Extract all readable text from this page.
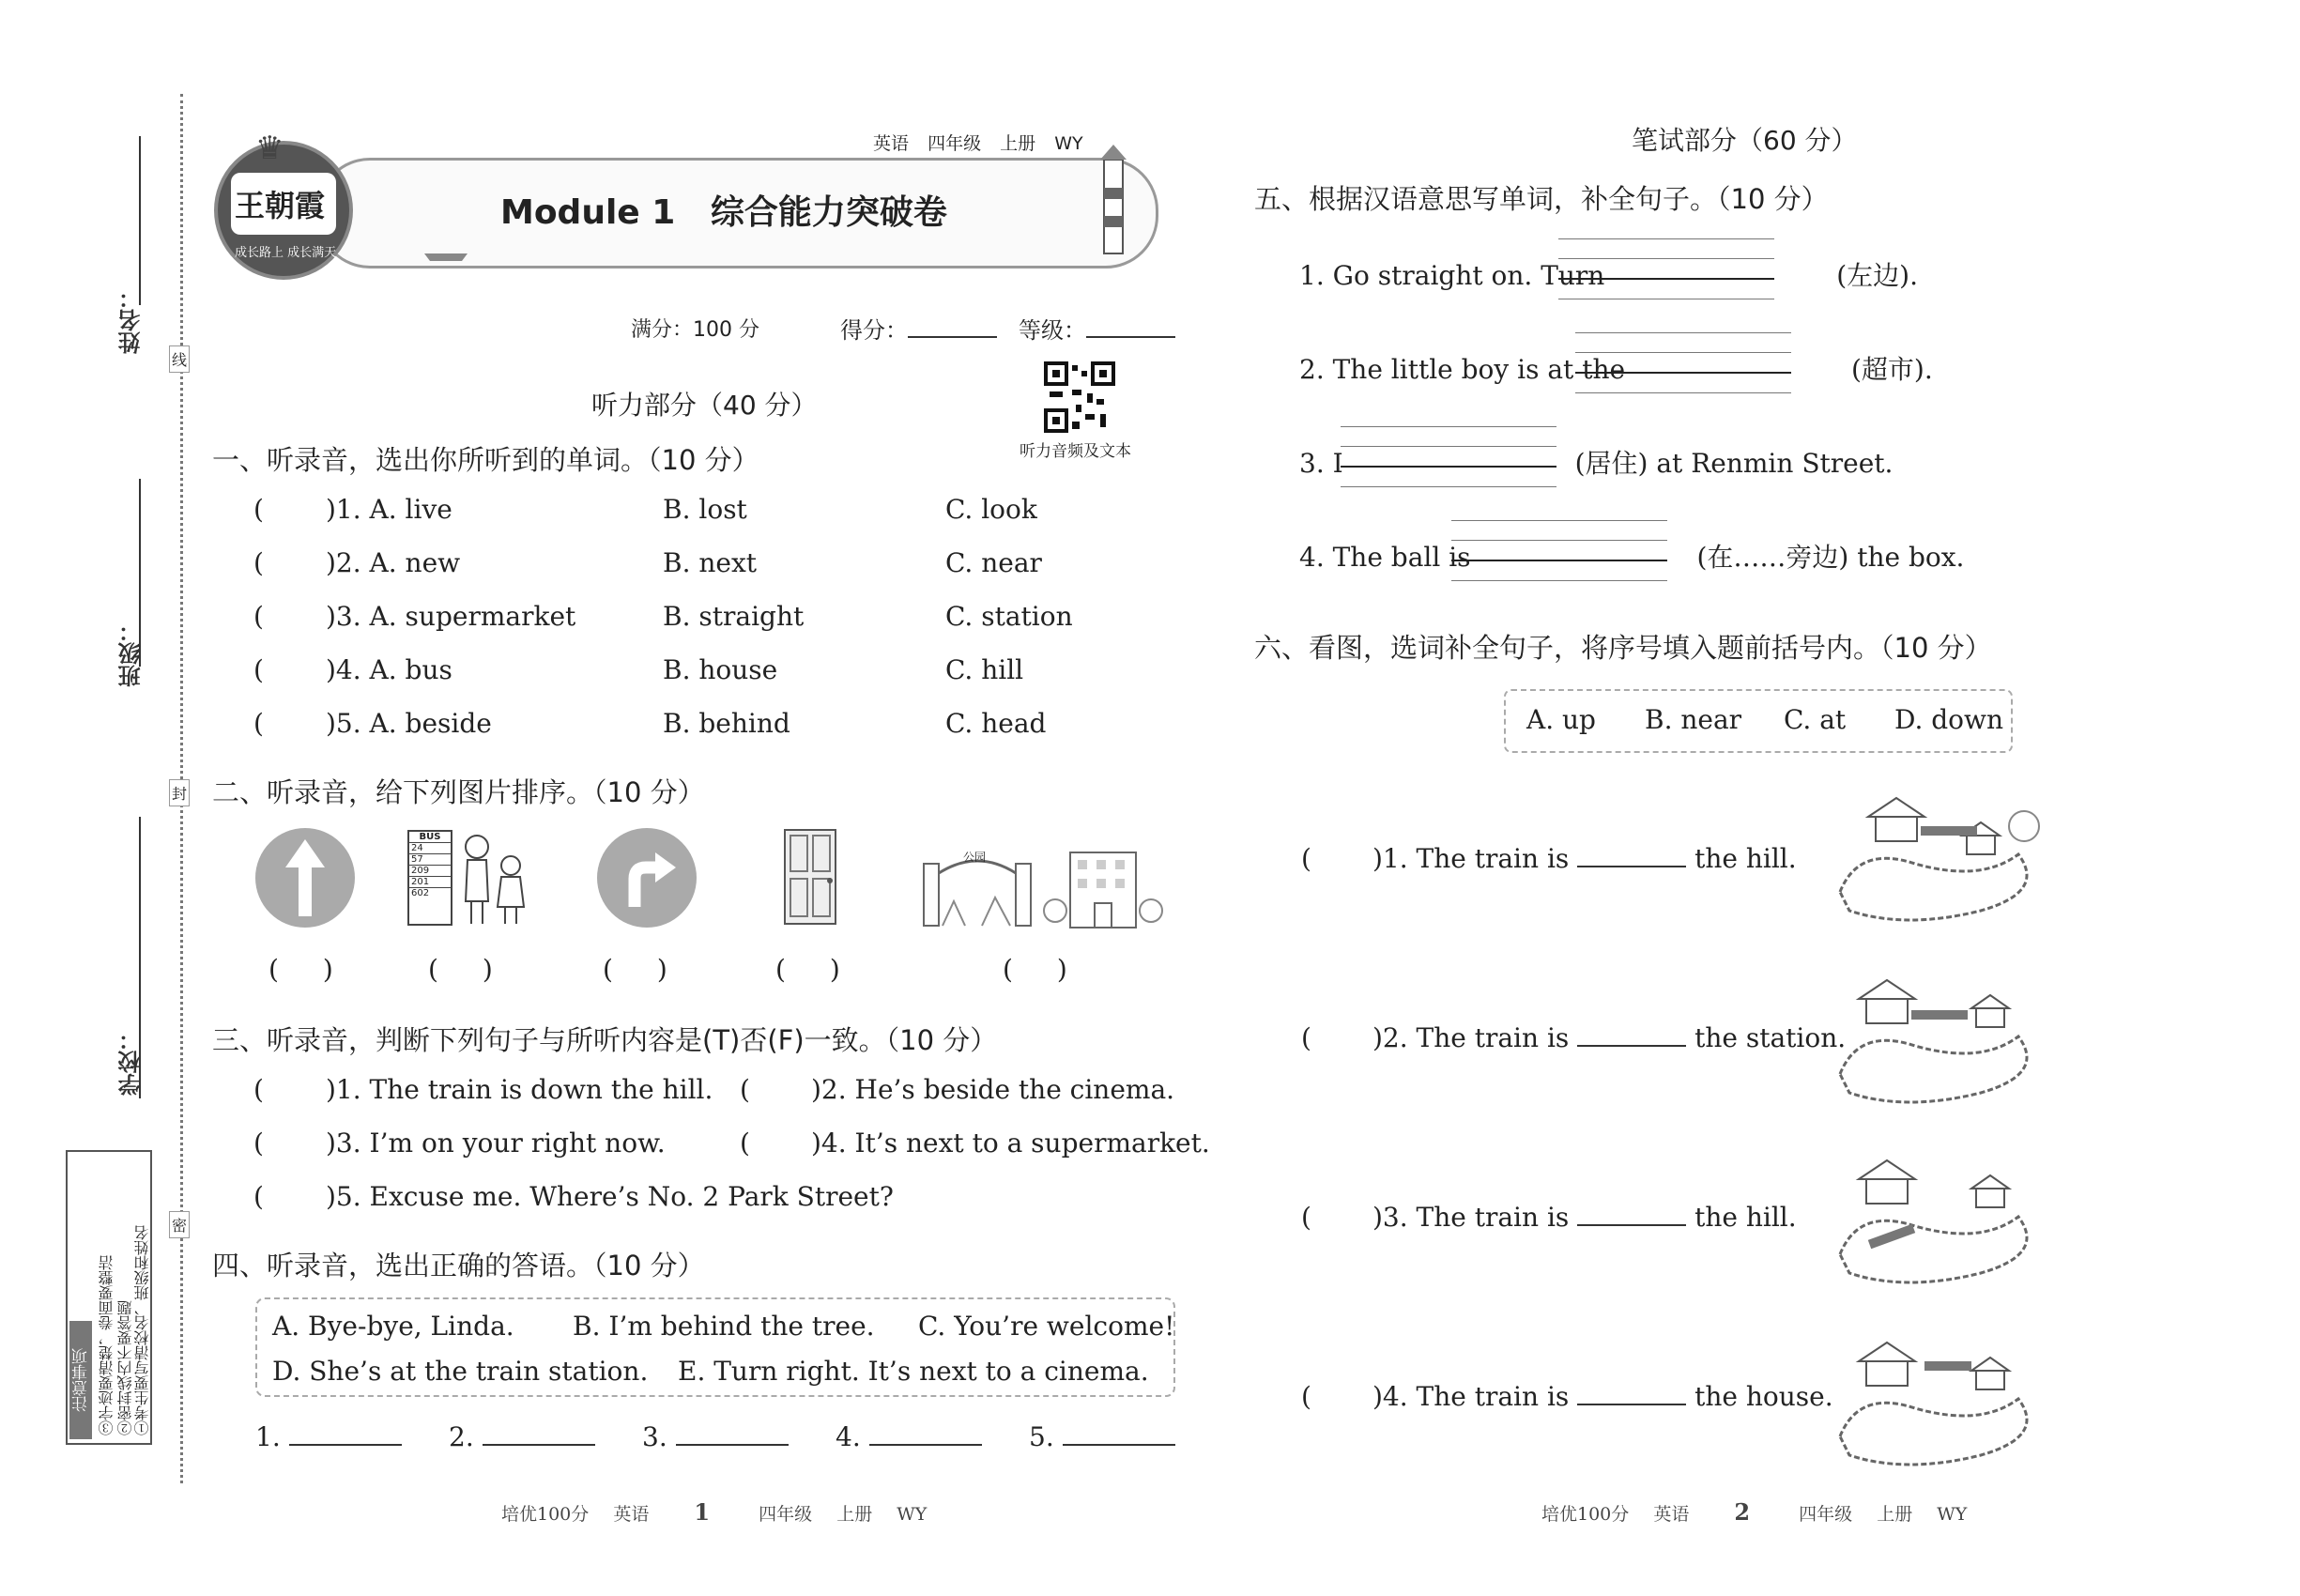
线
封
密
姓名：
班级：
学校：
注意事项 ③字迹要清楚，卷面要整洁 ②密封线内不要答题 ①考生要写清校名、班级和姓名
王朝霞
成长路上 成长满天
♛	英语 四年级 上册 WY
Module 1   综合能力突破卷
满分：100 分	得分：	等级：
听力音频及文本
听力部分（40 分）
一、听录音，选出你所听到的单词。（10 分）
( )1. A. live	B. lost	C. look
( )2. A. new	B. next	C. near
( )3. A. supermarket	B. straight	C. station
( )4. A. bus	B. house	C. hill
( )5. A. beside	B. behind	C. head
二、听录音，给下列图片排序。（10 分）
BUS
24
57
209
201
602
公园
( )	( )	( )	( )	( )
三、听录音，判断下列句子与所听内容是(T)否(F)一致。（10 分）
( )1. The train is down the hill. ( )2. He’s beside the cinema.
( )3. I’m on your right now.	( )4. It’s next to a supermarket.
( )5. Excuse me. Where’s No. 2 Park Street?
四、听录音，选出正确的答语。（10 分）
A. Bye-bye, Linda. B. I’m behind the tree. C. You’re welcome!
D. She’s at the train station. E. Turn right. It’s next to a cinema.
1.	2.	3.	4.	5.
培优100分 英语 1	四年级 上册 WY
笔试部分（60 分）
五、根据汉语意思写单词，补全句子。（10 分）
1. Go straight on. Turn	(左边).
2. The little boy is at the	(超市).
3. I	(居住) at Renmin Street.
4. The ball is	(在……旁边) the box.
六、看图，选词补全句子，将序号填入题前括号内。（10 分）
A. up B. near C. at D. down
( )1. The train is	the hill.
( )2. The train is	the station.
( )3. The train is	the hill.
( )4. The train is	the house.
培优100分 英语 2	四年级 上册 WY
